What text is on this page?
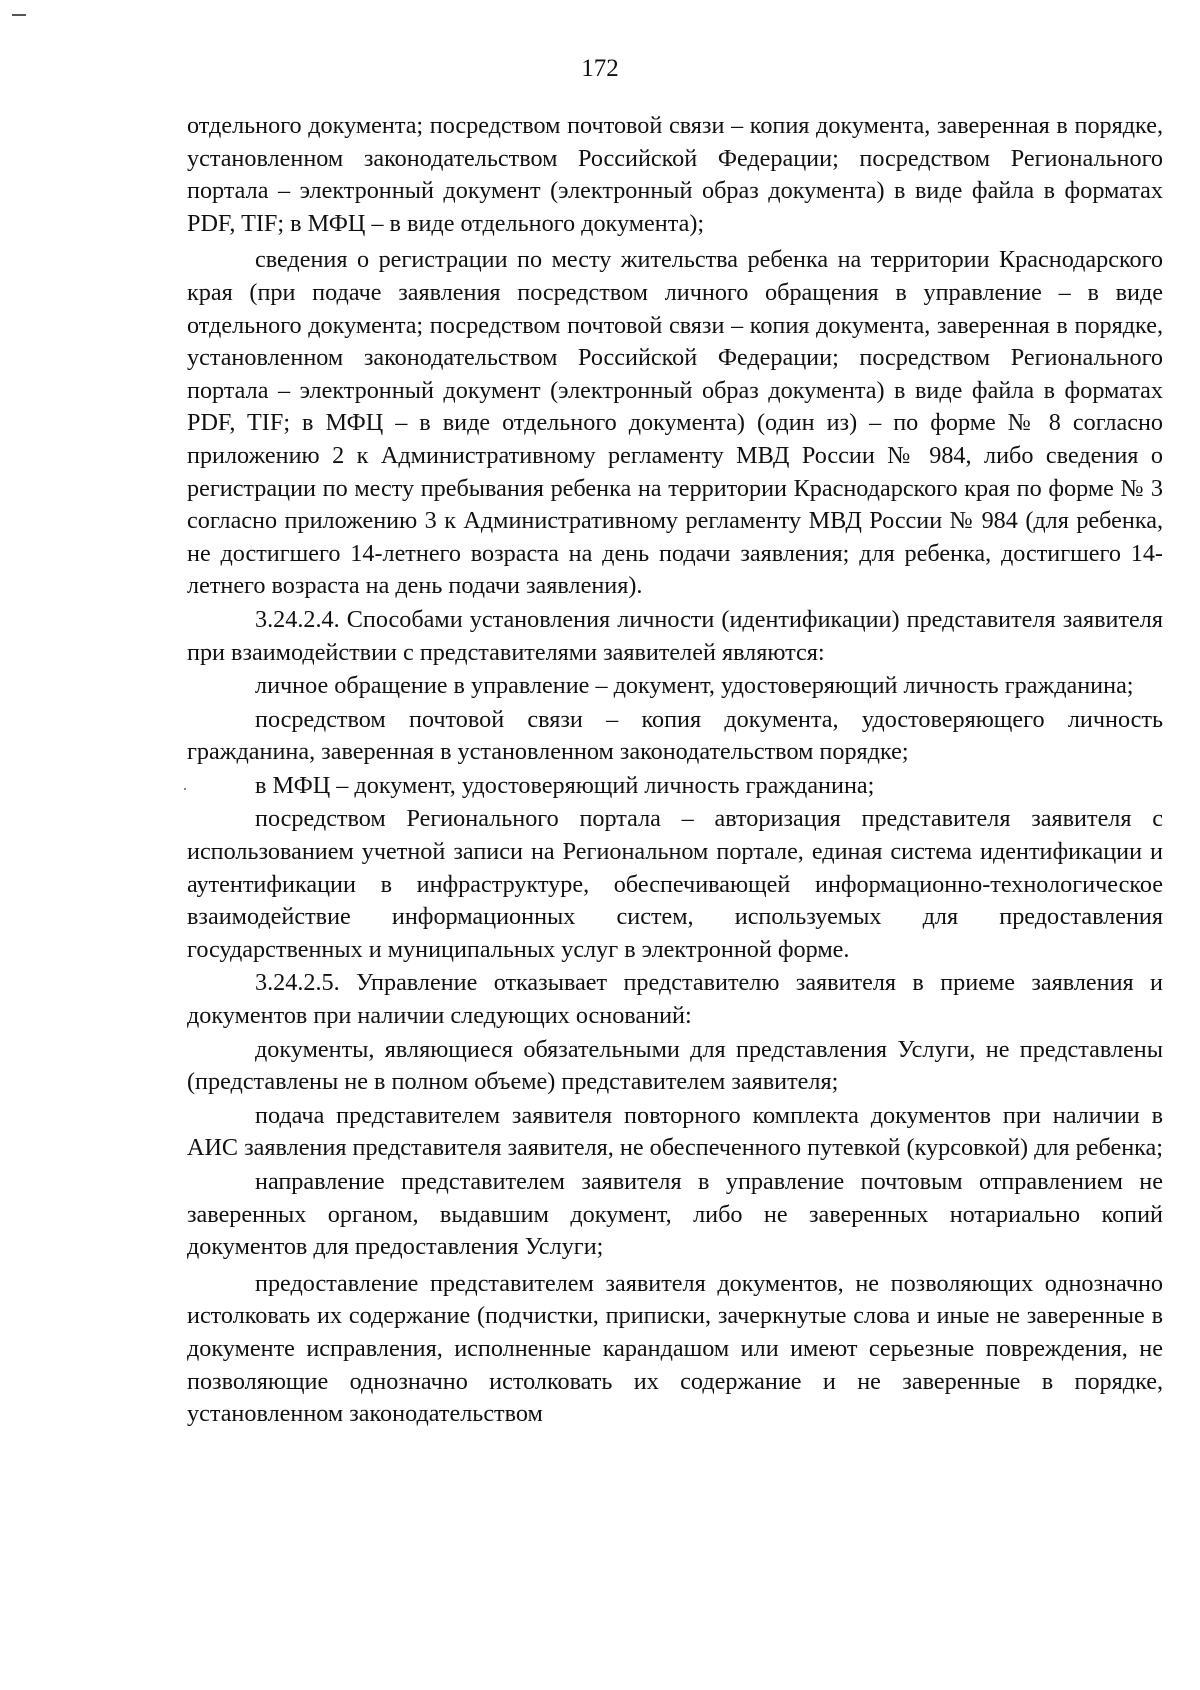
172

отдельного документа; посредством почтовой связи – копия документа, заверенная в порядке, установленном законодательством Российской Федерации; посредством Регионального портала – электронный документ (электронный образ документа) в виде файла в форматах PDF, TIF; в МФЦ – в виде отдельного документа);

сведения о регистрации по месту жительства ребенка на территории Краснодарского края (при подаче заявления посредством личного обращения в управление – в виде отдельного документа; посредством почтовой связи – копия документа, заверенная в порядке, установленном законодательством Российской Федерации; посредством Регионального портала – электронный документ (электронный образ документа) в виде файла в форматах PDF, TIF; в МФЦ – в виде отдельного документа) (один из) – по форме № 8 согласно приложению 2 к Административному регламенту МВД России № 984, либо сведения о регистрации по месту пребывания ребенка на территории Краснодарского края по форме № 3 согласно приложению 3 к Административному регламенту МВД России № 984 (для ребенка, не достигшего 14-летнего возраста на день подачи заявления; для ребенка, достигшего 14-летнего возраста на день подачи заявления).

3.24.2.4. Способами установления личности (идентификации) представителя заявителя при взаимодействии с представителями заявителей являются:

личное обращение в управление – документ, удостоверяющий личность гражданина;

посредством почтовой связи – копия документа, удостоверяющего личность гражданина, заверенная в установленном законодательством порядке;

в МФЦ – документ, удостоверяющий личность гражданина;

посредством Регионального портала – авторизация представителя заявителя с использованием учетной записи на Региональном портале, единая система идентификации и аутентификации в инфраструктуре, обеспечивающей информационно-технологическое взаимодействие информационных систем, используемых для предоставления государственных и муниципальных услуг в электронной форме.

3.24.2.5. Управление отказывает представителю заявителя в приеме заявления и документов при наличии следующих оснований:

документы, являющиеся обязательными для представления Услуги, не представлены (представлены не в полном объеме) представителем заявителя;

подача представителем заявителя повторного комплекта документов при наличии в АИС заявления представителя заявителя, не обеспеченного путевкой (курсовкой) для ребенка;

направление представителем заявителя в управление почтовым отправлением не заверенных органом, выдавшим документ, либо не заверенных нотариально копий документов для предоставления Услуги;

предоставление представителем заявителя документов, не позволяющих однозначно истолковать их содержание (подчистки, приписки, зачеркнутые слова и иные не заверенные в документе исправления, исполненные карандашом или имеют серьезные повреждения, не позволяющие однозначно истолковать их содержание и не заверенные в порядке, установленном законодательством
